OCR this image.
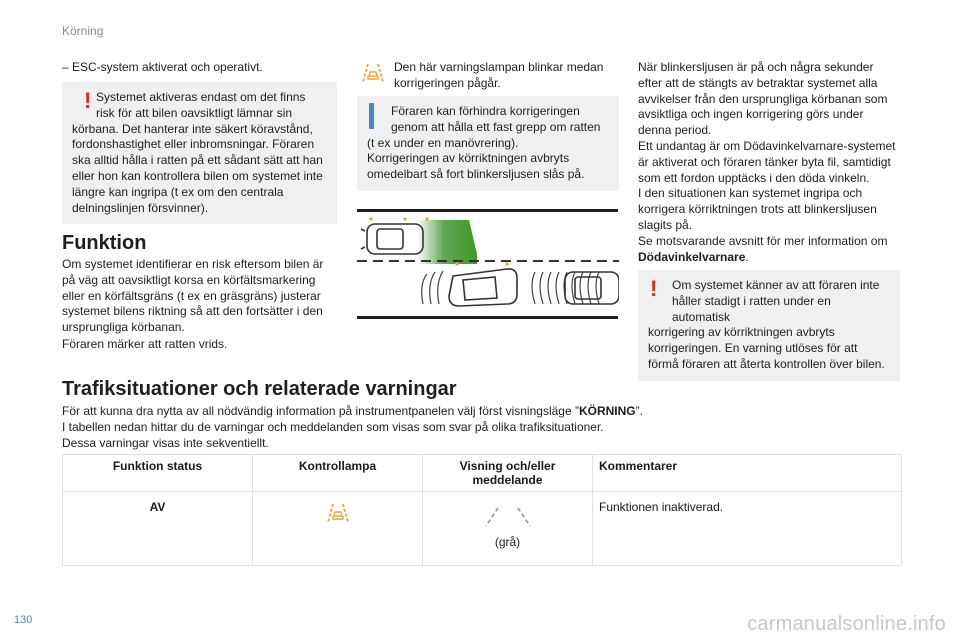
Körning
– ESC-system aktiverat och operativt.
! Systemet aktiveras endast om det finns
risk för att bilen oavsiktligt lämnar sin
körbana. Det hanterar inte säkert köravstånd, fordonshastighet eller inbromsningar. Föraren ska alltid hålla i ratten på ett sådant sätt att han eller hon kan kontrollera bilen om systemet inte längre kan ingripa (t ex om den centrala delningslinjen försvinner).
Funktion
Om systemet identifierar en risk eftersom bilen är på väg att oavsiktligt korsa en körfältsmarkering eller en körfältsgräns (t ex en gräsgräns) justerar systemet bilens riktning så att den fortsätter i den ursprungliga körbanan.
Föraren märker att ratten vrids.
Den här varningslampan blinkar medan
korrigeringen pågår.
Föraren kan förhindra korrigeringen
genom att hålla ett fast grepp om ratten
(t ex under en manövrering).
Korrigeringen av körriktningen avbryts omedelbart så fort blinkersljusen slås på.
När blinkersljusen är på och några sekunder efter att de stängts av betraktar systemet alla avvikelser från den ursprungliga körbanan som avsiktliga och ingen korrigering görs under denna period.
Ett undantag är om Dödavinkelvarnare-systemet är aktiverat och föraren tänker byta fil, samtidigt som ett fordon upptäcks i den döda vinkeln.
I den situationen kan systemet ingripa och korrigera körriktningen trots att blinkersljusen slagits på.
Se motsvarande avsnitt för mer information om Dödavinkelvarnare.
!	Om systemet känner av att föraren inte
håller stadigt i ratten under en automatisk
korrigering av körriktningen avbryts korrigeringen. En varning utlöses för att förmå föraren att återta kontrollen över bilen.
Trafiksituationer och relaterade varningar
För att kunna dra nytta av all nödvändig information på instrumentpanelen välj först visningsläge ”KÖRNING”.
I tabellen nedan hittar du de varningar och meddelanden som visas som svar på olika trafiksituationer.
Dessa varningar visas inte sekventiellt.
Funktion status	Kontrollampa	Visning och/eller meddelande	Kommentarer
AV		(grå)	Funktionen inaktiverad.
130	carmanualsonline.info
